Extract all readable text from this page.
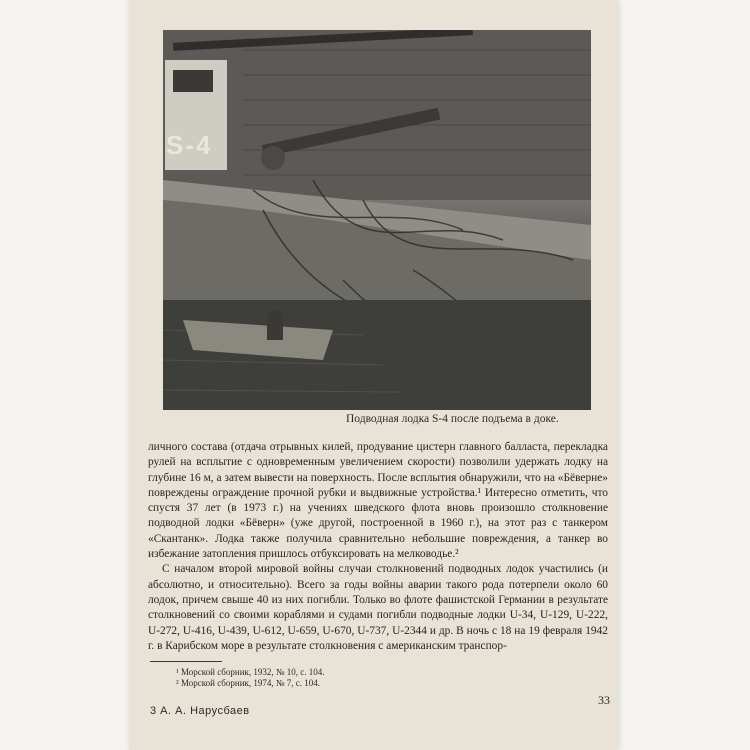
S-4
Подводная лодка S-4 после подъема в доке.

личного состава (отдача отрывных килей, продувание цистерн главного балласта, перекладка рулей на всплытие с одновременным увеличением скорости) позволили удержать лодку на глубине 16 м, а затем вывести на поверхность. После всплытия обнаружили, что на «Бёверне» повреждены ограждение прочной рубки и выдвижные устройства.¹ Интересно отметить, что спустя 37 лет (в 1973 г.) на учениях шведского флота вновь произошло столкновение подводной лодки «Бёверн» (уже другой, построенной в 1960 г.), на этот раз с танкером «Скантанк». Лодка также получила сравнительно небольшие повреждения, а танкер во избежание затопления пришлось отбуксировать на мелководье.²

С началом второй мировой войны случаи столкновений подводных лодок участились (и абсолютно, и относительно). Всего за годы войны аварии такого рода потерпели около 60 лодок, причем свыше 40 из них погибли. Только во флоте фашистской Германии в результате столкновений со своими кораблями и судами погибли подводные лодки U-34, U-129, U-222, U-272, U-416, U-439, U-612, U-659, U-670, U-737, U-2344 и др. В ночь с 18 на 19 февраля 1942 г. в Карибском море в результате столкновения с американским транспор-

¹ Морской сборник, 1932, № 10, с. 104.
² Морской сборник, 1974, № 7, с. 104.
3 А. А. Нарусбаев
33
